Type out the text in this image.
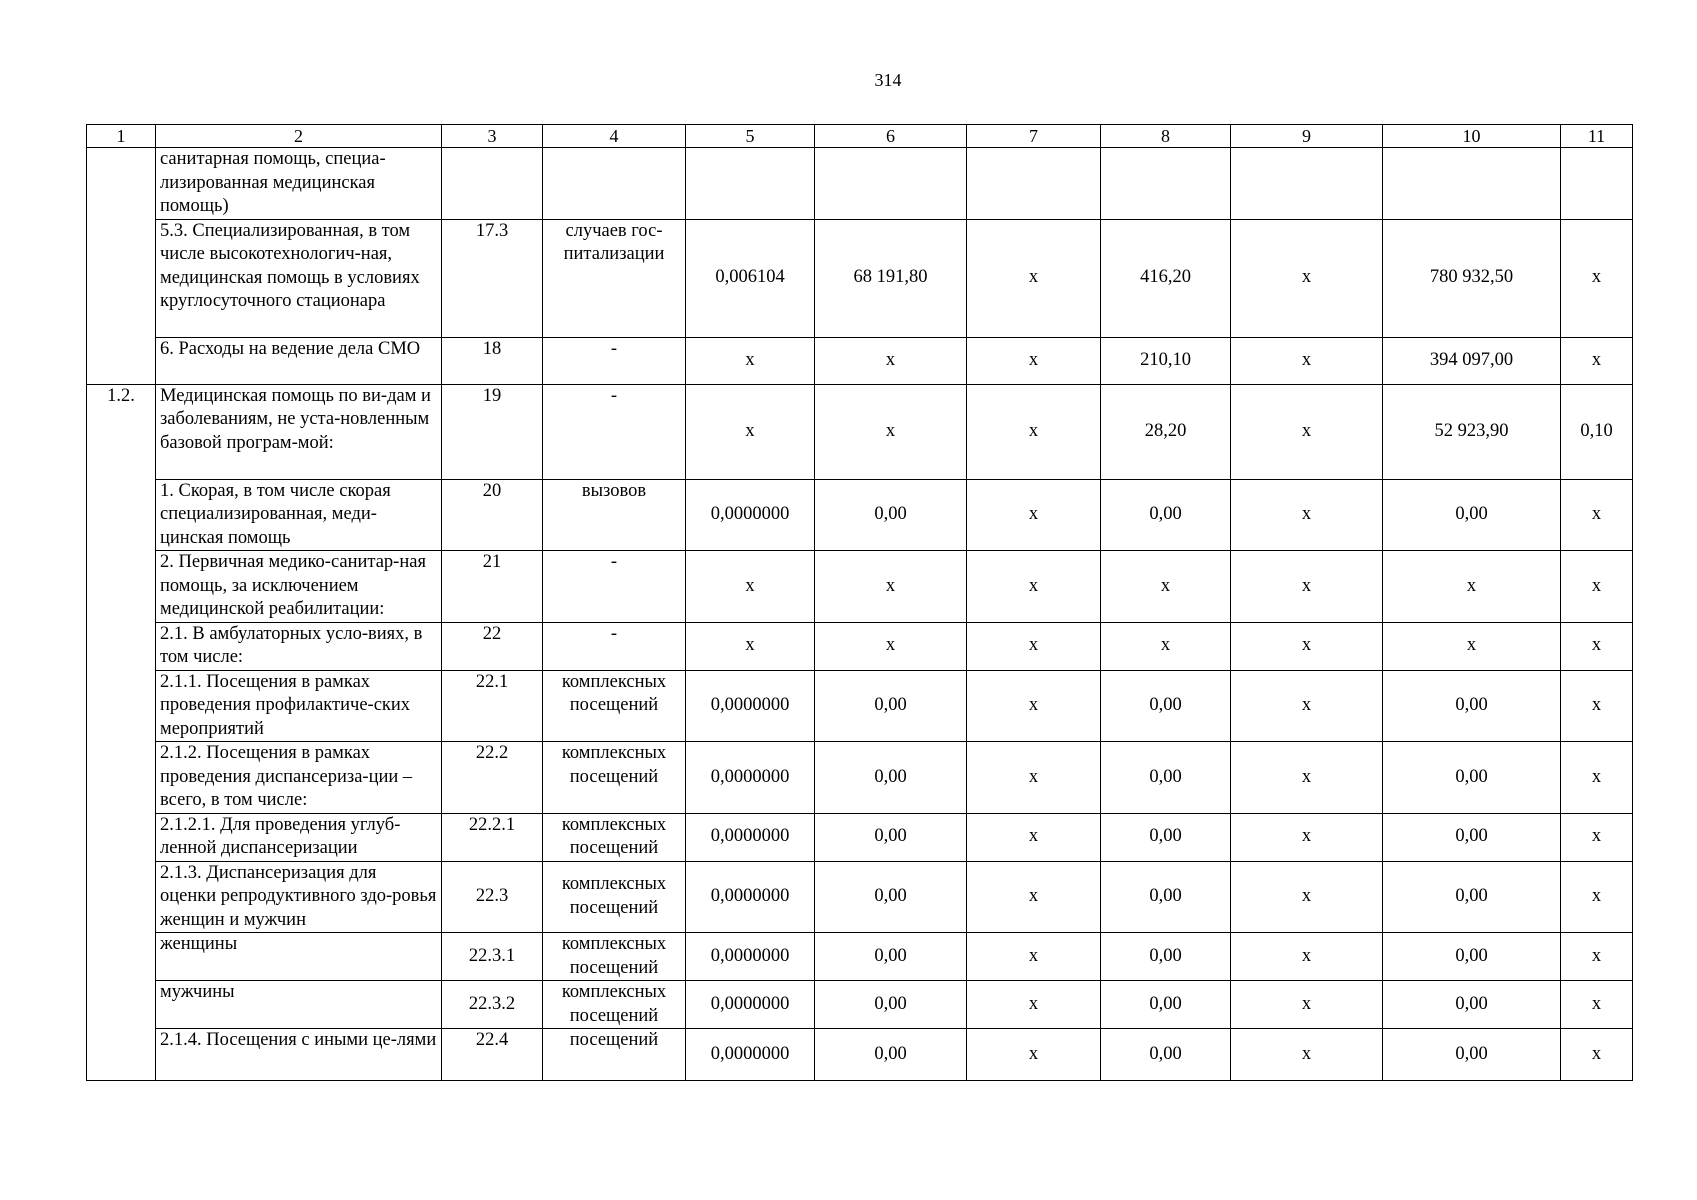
314
1	2	3	4	5	6	7	8	9	10	11
	санитарная помощь, специа-лизированная медицинская помощь)									
	5.3. Специализированная, в том числе высокотехнологич-ная, медицинская помощь в условиях круглосуточного стационара	17.3	случаев гос-питализации	0,006104	68 191,80	х	416,20	х	780 932,50	х
	6. Расходы на ведение дела СМО	18	-	х	х	х	210,10	х	394 097,00	х
1.2.	Медицинская помощь по ви-дам и заболеваниям, не уста-новленным базовой програм-мой:	19	-	х	х	х	28,20	х	52 923,90	0,10
	1. Скорая, в том числе скорая специализированная, меди-цинская помощь	20	вызовов	0,0000000	0,00	х	0,00	х	0,00	х
	2. Первичная медико-санитар-ная помощь, за исключением медицинской реабилитации:	21	-	х	х	х	х	х	х	х
	2.1. В амбулаторных усло-виях, в том числе:	22	-	х	х	х	х	х	х	х
	2.1.1. Посещения в рамках проведения профилактиче-ских мероприятий	22.1	комплексных посещений	0,0000000	0,00	х	0,00	х	0,00	х
	2.1.2. Посещения в рамках проведения диспансеризa-ции – всего, в том числе:	22.2	комплексных посещений	0,0000000	0,00	х	0,00	х	0,00	х
	2.1.2.1. Для проведения углуб-ленной диспансеризации	22.2.1	комплексных посещений	0,0000000	0,00	х	0,00	х	0,00	х
	2.1.3. Диспансеризация для оценки репродуктивного здо-ровья женщин и мужчин	22.3	комплексных посещений	0,0000000	0,00	х	0,00	х	0,00	х
	женщины	22.3.1	комплексных посещений	0,0000000	0,00	х	0,00	х	0,00	х
	мужчины	22.3.2	комплексных посещений	0,0000000	0,00	х	0,00	х	0,00	х
	2.1.4. Посещения с иными це-лями	22.4	посещений	0,0000000	0,00	х	0,00	х	0,00	х
